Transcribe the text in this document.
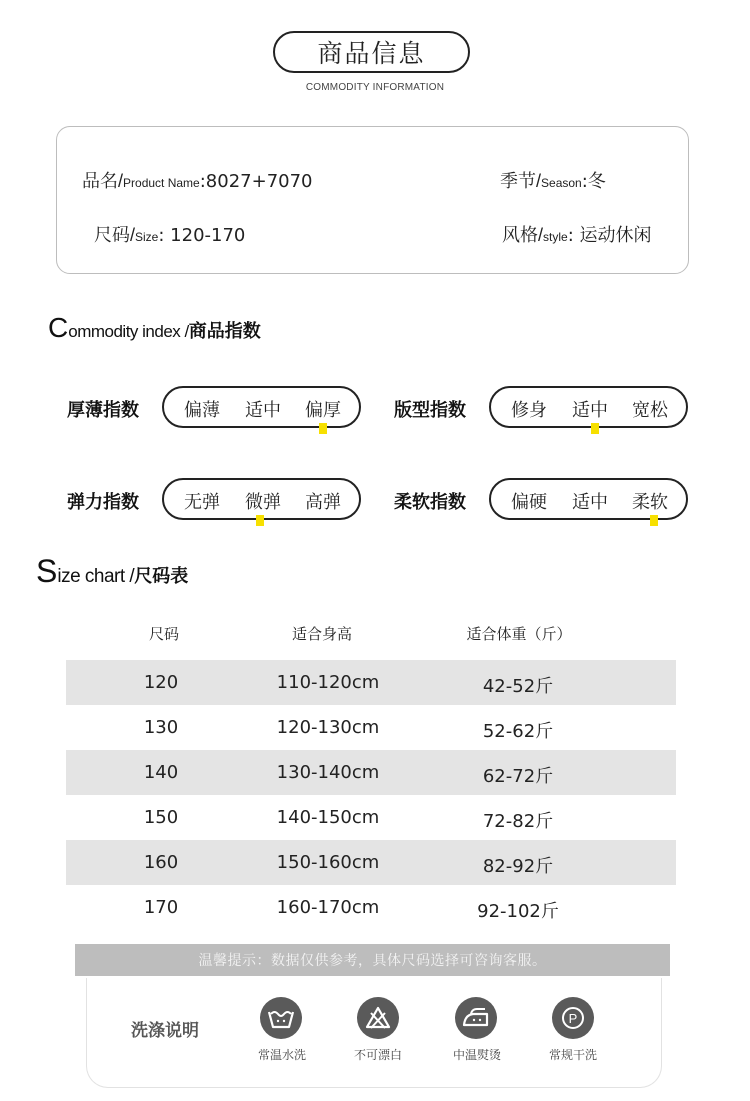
商品信息
COMMODITY INFORMATION
品名/Product Name:8027+7070	季节/Season:冬
尺码/Size: 120-170	风格/style: 运动休闲
Commodity index /商品指数
厚薄指数	偏薄 适中 偏厚	版型指数	修身 适中 宽松
弹力指数	无弹 微弹 高弹	柔软指数	偏硬 适中 柔软
Size chart /尺码表
尺码	适合身高	适合体重（斤）
120	110-120cm	42-52斤
130	120-130cm	52-62斤
140	130-140cm	62-72斤
150	140-150cm	72-82斤
160	150-160cm	82-92斤
170	160-170cm	92-102斤
温馨提示：数据仅供参考，具体尺码选择可咨询客服。
洗涤说明
常温水洗	不可漂白	中温熨烫
P
常规干洗
